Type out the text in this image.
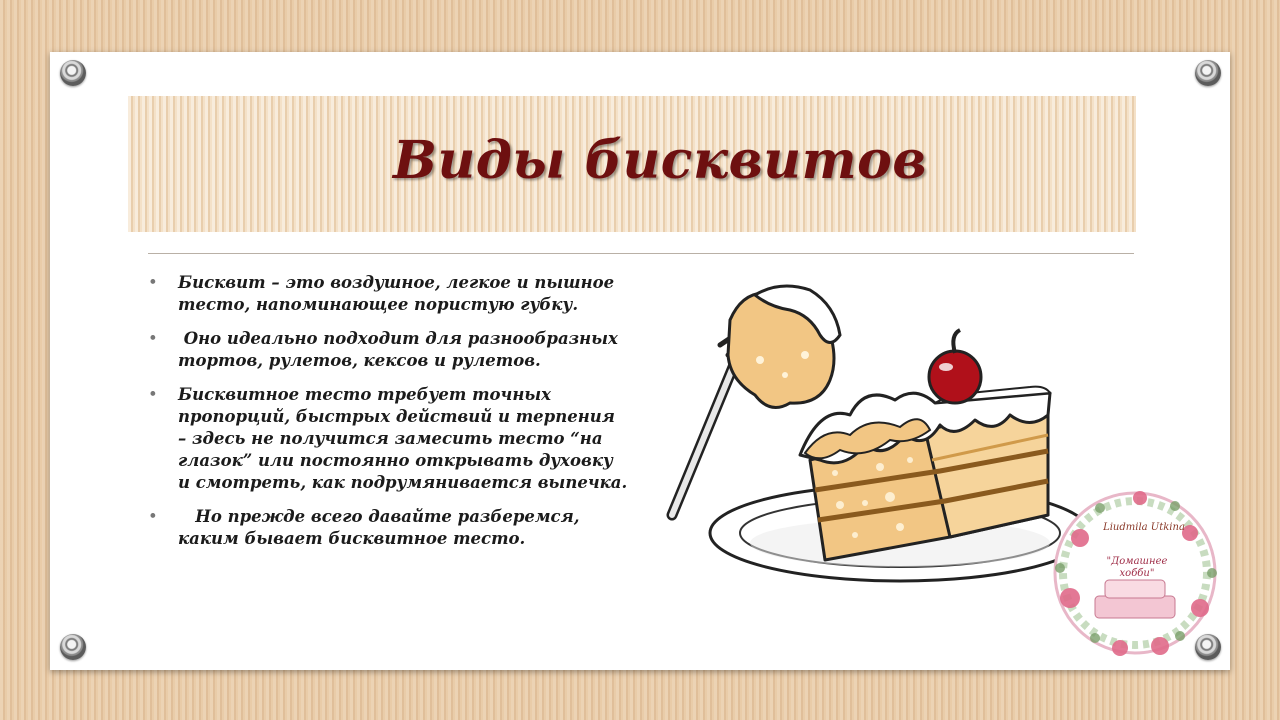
Виды бисквитов
• Бисквит – это воздушное, легкое и пышное тесто, напоминающее пористую губку.
• Оно идеально подходит для разнообразных тортов, рулетов, кексов и рулетов.
• Бисквитное тесто требует точных пропорций, быстрых действий и терпения – здесь не получится замесить тесто “на глазок” или постоянно открывать духовку и смотреть, как подрумянивается выпечка.
• Но прежде всего давайте разберемся, каким бывает бисквитное тесто.
Liudmila Utkina
"Домашнее хобби"
